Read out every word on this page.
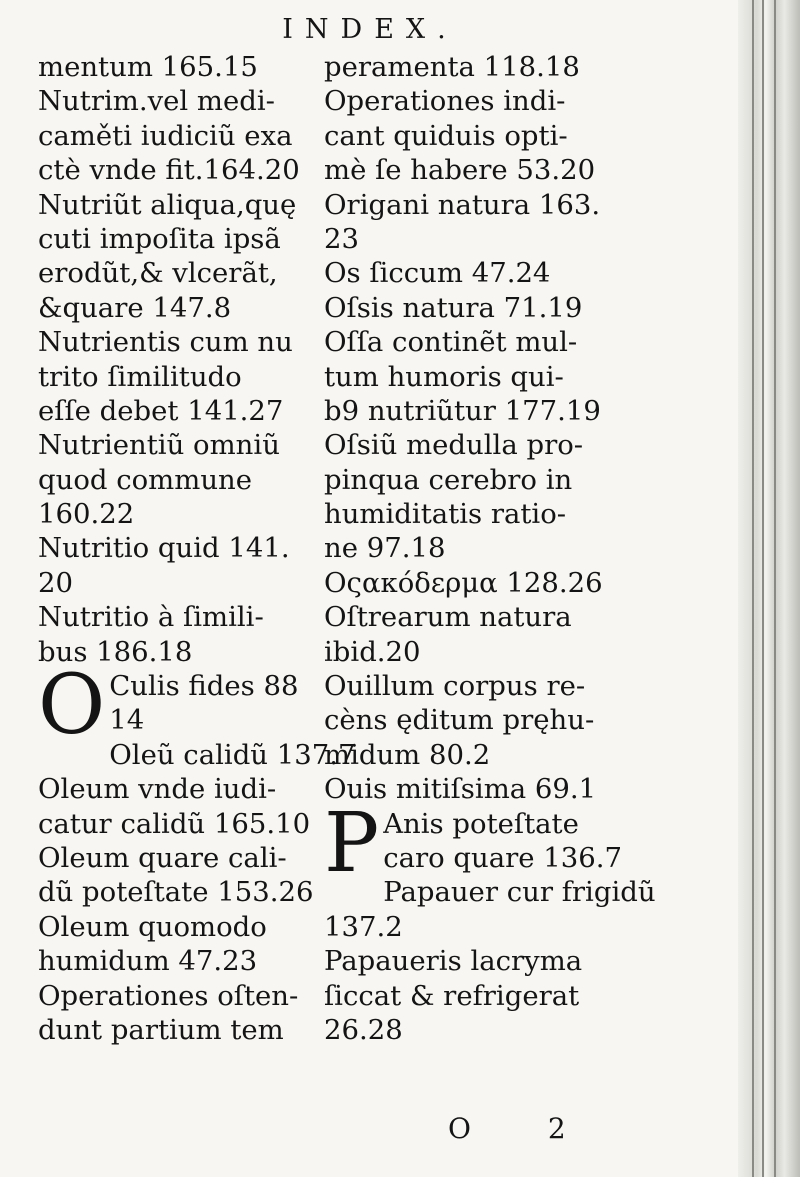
INDEX.
mentum 165.15
Nutrim.vel medi-
caměti iudiciũ exa
ctè vnde fit.164.20
Nutriũt aliqua,quę
cuti impoſita ipsã
erodũt,& vlcerãt,
&quare 147.8
Nutrientis cum nu
trito ſimilitudo
eſſe debet 141.27
Nutrientiũ omniũ
quod commune
160.22
Nutritio quid 141.
20
Nutritio à ſimili-
bus 186.18
O Culis fides 88
14
Oleũ calidũ 137.7
Oleum vnde iudi-
catur calidũ 165.10
Oleum quare cali-
dũ poteſtate 153.26
Oleum quomodo
humidum 47.23
Operationes oſten-
dunt partium tem
peramenta 118.18
Operationes indi-
cant quiduis opti-
mè ſe habere 53.20
Origani natura 163.
23
Os ſiccum 47.24
Oſsis natura 71.19
Oſſa continẽt mul-
tum humoris qui-
b9 nutriũtur 177.19
Oſsiũ medulla pro-
pinqua cerebro in
humiditatis ratio-
ne 97.18
Οςακόδερμα 128.26
Oſtrearum natura
ibid.20
Ouillum corpus re-
cèns ęditum pręhu-
midum 80.2
Ouis mitiſsima 69.1
P Anis poteſtate
caro quare 136.7
Papauer cur frigidũ
137.2
Papaueris lacryma
ſiccat & refrigerat
26.28
O 2
